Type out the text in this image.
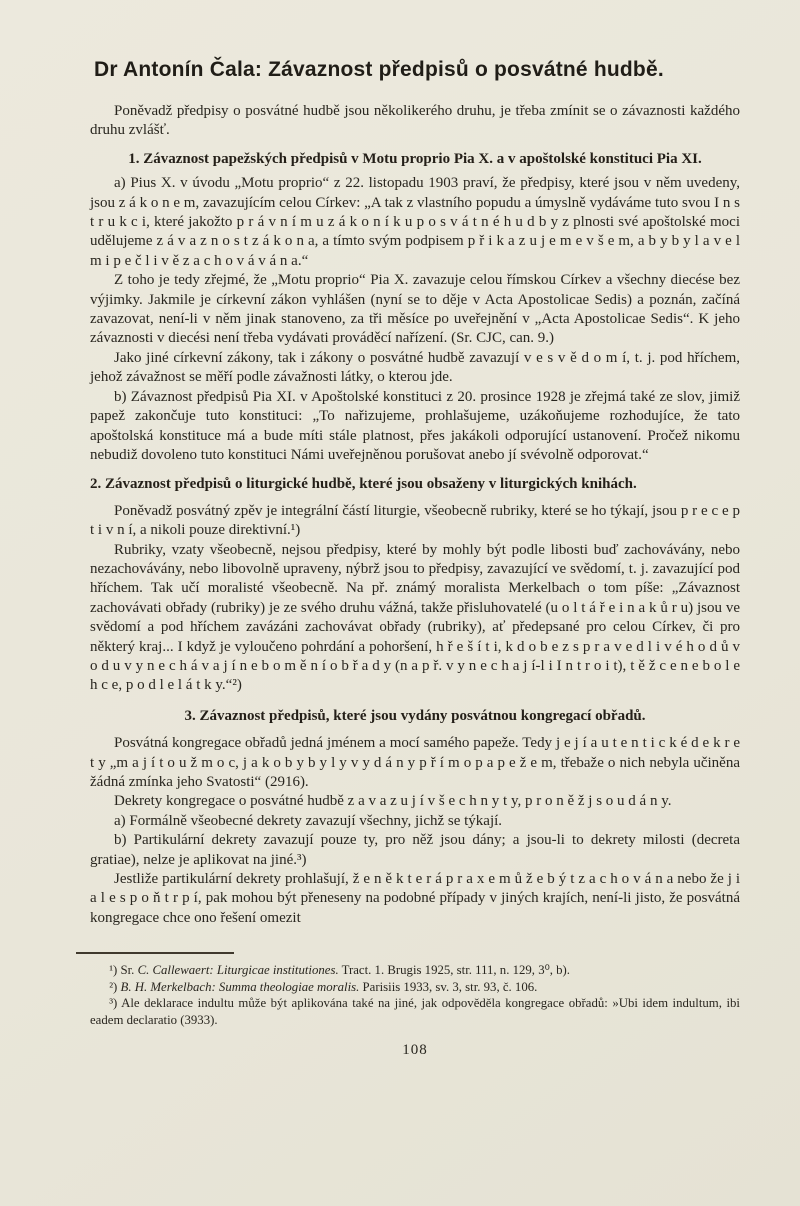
Dr Antonín Čala: Závaznost předpisů o posvátné hudbě.

Poněvadž předpisy o posvátné hudbě jsou několikerého druhu, je třeba zmínit se o závaznosti každého druhu zvlášť.

1. Závaznost papežských předpisů v Motu proprio Pia X. a v apoštolské konstituci Pia XI.

a) Pius X. v úvodu „Motu proprio“ z 22. listopadu 1903 praví, že předpisy, které jsou v něm uvedeny, jsou z á k o n e m, zavazujícím celou Církev: „A tak z vlastního popudu a úmyslně vydáváme tuto svou I n s t r u k c i, které jakožto p r á v n í m u z á k o n í k u p o s v á t n é h u d b y z plnosti své apoštolské moci udělujeme z á v a z n o s t z á k o n a, a tímto svým podpisem p ř i k a z u j e m e v š e m, a b y b y l a v e l m i p e č l i v ě z a c h o v á v á n a.“

Z toho je tedy zřejmé, že „Motu proprio“ Pia X. zavazuje celou římskou Církev a všechny diecése bez výjimky. Jakmile je církevní zákon vyhlášen (nyní se to děje v Acta Apostolicae Sedis) a poznán, začíná zavazovat, není-li v něm jinak stanoveno, za tři měsíce po uveřejnění v „Acta Apostolicae Sedis“. K jeho závaznosti v diecési není třeba vydávati prováděcí nařízení. (Sr. CJC, can. 9.)

Jako jiné církevní zákony, tak i zákony o posvátné hudbě zavazují v e s v ě d o m í, t. j. pod hříchem, jehož závažnost se měří podle závažnosti látky, o kterou jde.

b) Závaznost předpisů Pia XI. v Apoštolské konstituci z 20. prosince 1928 je zřejmá také ze slov, jimiž papež zakončuje tuto konstituci: „To nařizujeme, prohlašujeme, uzákoňujeme rozhodujíce, že tato apoštolská konstituce má a bude míti stále platnost, přes jakákoli odporující ustanovení. Pročež nikomu nebudiž dovoleno tuto konstituci Námi uveřejněnou porušovat anebo jí svévolně odporovat.“

2. Závaznost předpisů o liturgické hudbě, které jsou obsaženy v liturgických knihách.

Poněvadž posvátný zpěv je integrální částí liturgie, všeobecně rubriky, které se ho týkají, jsou p r e c e p t i v n í, a nikoli pouze direktivní.¹)

Rubriky, vzaty všeobecně, nejsou předpisy, které by mohly být podle libosti buď zachovávány, nebo nezachovávány, nebo libovolně upraveny, nýbrž jsou to předpisy, zavazující ve svědomí, t. j. zavazující pod hříchem. Tak učí moralisté všeobecně. Na př. známý moralista Merkelbach o tom píše: „Závaznost zachovávati obřady (rubriky) je ze svého druhu vážná, takže přisluhovatelé (u o l t á ř e i n a k ů r u) jsou ve svědomí a pod hříchem zavázáni zachovávat obřady (rubriky), ať předepsané pro celou Církev, či pro některý kraj... I když je vyloučeno pohrdání a pohoršení, h ř e š í t i, k d o b e z s p r a v e d l i v é h o d ů v o d u v y n e c h á v a j í n e b o m ě n í o b ř a d y (n a p ř. v y n e c h a j í-l i I n t r o i t), t ě ž c e n e b o l e h c e, p o d l e l á t k y.“²)

3. Závaznost předpisů, které jsou vydány posvátnou kongregací obřadů.

Posvátná kongregace obřadů jedná jménem a mocí samého papeže. Tedy j e j í a u t e n t i c k é d e k r e t y „m a j í t o u ž m o c, j a k o b y b y l y v y d á n y p ř í m o p a p e ž e m, třebaže o nich nebyla učiněna žádná zmínka jeho Svatosti“ (2916).

Dekrety kongregace o posvátné hudbě z a v a z u j í v š e c h n y t y, p r o n ě ž j s o u d á n y.

a) Formálně všeobecné dekrety zavazují všechny, jichž se týkají.

b) Partikulární dekrety zavazují pouze ty, pro něž jsou dány; a jsou-li to dekrety milosti (decreta gratiae), nelze je aplikovat na jiné.³)

Jestliže partikulární dekrety prohlašují, ž e n ě k t e r á p r a x e m ů ž e b ý t z a c h o v á n a nebo že j i a l e s p o ň t r p í, pak mohou být přeneseny na podobné případy v jiných krajích, není-li jisto, že posvátná kongregace chce ono řešení omezit

¹) Sr. C. Callewaert: Liturgicae institutiones. Tract. 1. Brugis 1925, str. 111, n. 129, 3⁰, b).

²) B. H. Merkelbach: Summa theologiae moralis. Parisiis 1933, sv. 3, str. 93, č. 106.

³) Ale deklarace indultu může být aplikována také na jiné, jak odpověděla kongregace obřadů: »Ubi idem indultum, ibi eadem declaratio (3933).

108
